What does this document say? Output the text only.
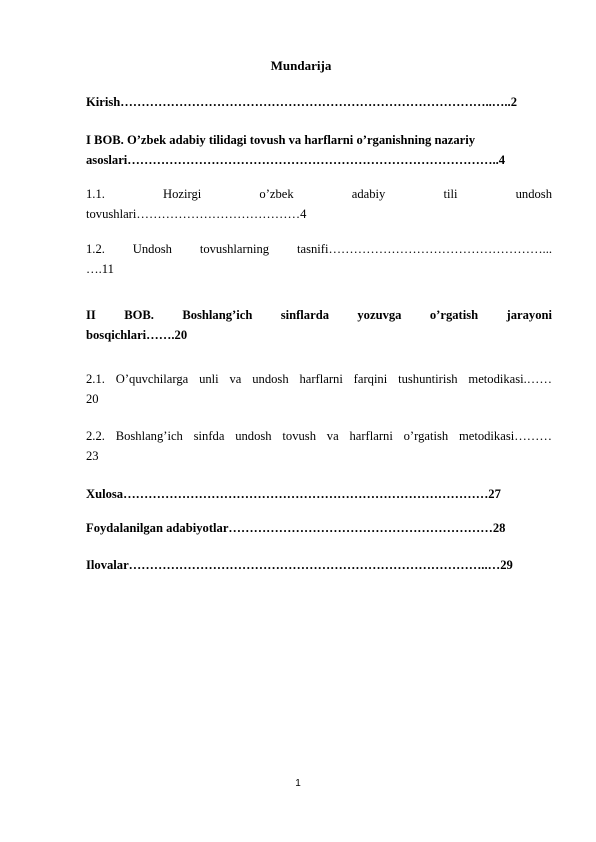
Mundarija
Kirish……………………………………………………………………………..…..2
I BOB. O’zbek adabiy tilidagi tovush va harflarni o’rganishning nazariy
asoslari……………………………………………………………………………..4
1.1. Hozirgi o’zbek adabiy tili undosh
tovushlari…………………………………4
1.2. Undosh tovushlarning tasnifi……………………………………………...
….11
II BOB. Boshlang’ich sinflarda yozuvga o’rgatish jarayoni
bosqichlari…….20
2.1. O’quvchilarga unli va undosh harflarni farqini tushuntirish metodikasi.……
20
2.2. Boshlang’ich sinfda undosh tovush va harflarni o’rgatish metodikasi………
23
Xulosa……………………………………………………………………………27
Foydalanilgan adabiyotlar………………………………………………………28
Ilovalar…………………………………………………………………………..…29
1
